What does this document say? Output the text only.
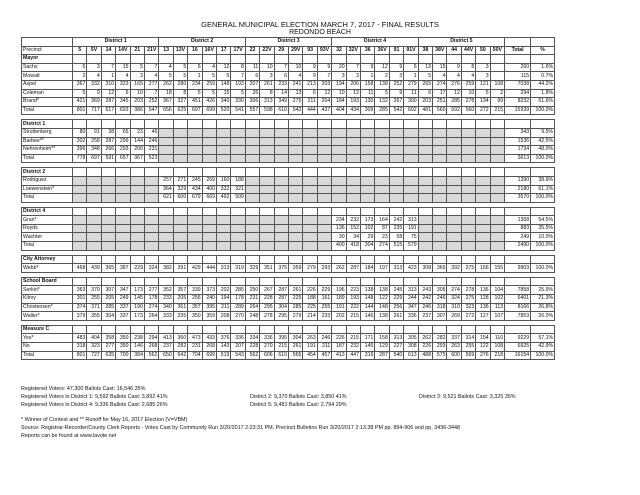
GENERAL MUNICIPAL ELECTION MARCH 7, 2017 - FINAL RESULTS
REDONDO BEACH
	District 1						District 2						District 3						District 4						District 5							
Precinct	5	5V	14	14V	21	21V	13	13V	16	16V	17	17V	22	22V	29	29V	93	93V	32	32V	36	36V	91	91V	38	38V	44	44V	50	50V	Total	%
Mayor																																
Sachs	6	3	7	15	5	7	4	5	6	4	12	8	11	10	7	10	9	9	20	7	9	12	9	6	13	15	9	8	3		260	1.6%
Mowatt	2	4	1	4	3	4	5	5	1	5	5	7	6	3	6	4	9	7	3	3	1	2	3	1	5	4	4	4	3		115	0.7%
Aspel	367	332	310	323	165	277	262	280	234	259	148	193	207	261	233	241	213	203	194	206	158	138	252	279	265	274	276	259	121	108	7038	44.2%
Coleman	5	9	12	6	10	7	18	8	5	5	15	5	26	8	14	13	6	12	10	12	11	5	9	11	6	17	12	10	5	2	294	1.8%
Brand*	421	369	287	345	203	252	367	327	451	426	340	330	306	313	349	275	211	204	184	193	130	132	267	300	203	251	285	278	134	99	8232	51.6%
Total	801	717	617	693	386	547	656	625	697	699	520	541	557	598	610	542	444	437	404	434	309	285	542	602	481	560	592	560	272	215	15939	100.0%

District 1																																
Struttenberg	80	91	38	65	23	46																									343	9.5%
Barbee**	302	258	287	299	144	246																									1536	42.5%
Nehrenheim**	396	348	266	293	200	231																									1734	48.0%
Total	778	697	591	657	367	523																									3613	100.0%

District 2																																
Rodriguez							257	271	245	269	160	188																			1390	38.9%
Loewenstein*							364	329	434	400	332	321																			2180	61.1%
Total							621	600	679	669	492	509																			3570	100.0%

District 4																																
Gran*																			234	232	173	164	242	313							1358	54.5%
Royds																			136	152	102	87	235	191							883	35.5%
Wachter																			30	34	29	23	58	75							249	10.0%
Total																			400	418	304	274	515	579							2490	100.0%

City Attorney																																
Webb*	468	439	365	387	229	324	382	391	429	444	313	319	329	351	375	359	279	293	262	287	184	197	313	423	308	365	392	375	166	155	9903	100.0%

School Board																																
Serkin*	363	370	307	347	173	277	352	357	339	373	202	285	250	267	287	261	226	229	196	223	138	138	245	313	243	305	274	278	136	104	7858	25.9%
Kilroy	301	255	205	249	145	178	233	205	256	240	194	178	231	228	287	225	188	161	189	193	148	122	229	244	242	246	324	275	128	102	6401	21.3%
Christensen*	374	371	285	337	190	274	340	361	357	395	211	289	264	295	304	285	225	255	191	222	144	148	256	347	246	318	310	323	136	113	8166	26.8%
Waller*	379	355	304	337	173	264	333	335	350	359	208	270	248	278	295	279	214	233	202	215	146	138	261	336	237	307	269	272	127	107	7853	26.0%

Measure C																																
Yes*	483	404	358	350	238	294	413	360	473	433	376	336	334	336	395	304	263	246	226	215	171	158	313	305	262	282	337	314	154	110	9229	57.1%
No	318	323	277	350	146	268	237	282	231	268	143	207	228	270	215	261	191	211	187	232	145	129	227	308	226	293	263	255	122	108	6925	42.9%
Total	801	727	635	700	384	562	650	642	704	699	519	543	562	606	610	565	454	457	413	447	316	287	540	613	488	575	600	569	276	218	16154	100.0%
Registered Voters: 47,300 Ballots Cast: 16,546 35%
Registered Voters in District 1: 9,592 Ballots Cast: 3,892 41%	District 2: 9,370 Ballots Cast: 3,850 41%	District 3: 9,521 Ballots Cast: 3,325 35%
Registered Voters in District 4: 9,336 Ballots Cast: 2,685 26%	District 5: 9,481 Ballots Cast: 2,794 29%
* Winner of Contest and ** Runoff for May 16, 2017 Election (V=VBM)
Source: Registrar-Recorder/County Clerk Reports - Votes Cast by Community Run 3/20/2017 2:23:31 PM, Precinct Bulletins Run 3/20/2017 2:13:38 PM pp. 894-906 and pp, 3436-3448
Reports can be found at www.lavote.net
